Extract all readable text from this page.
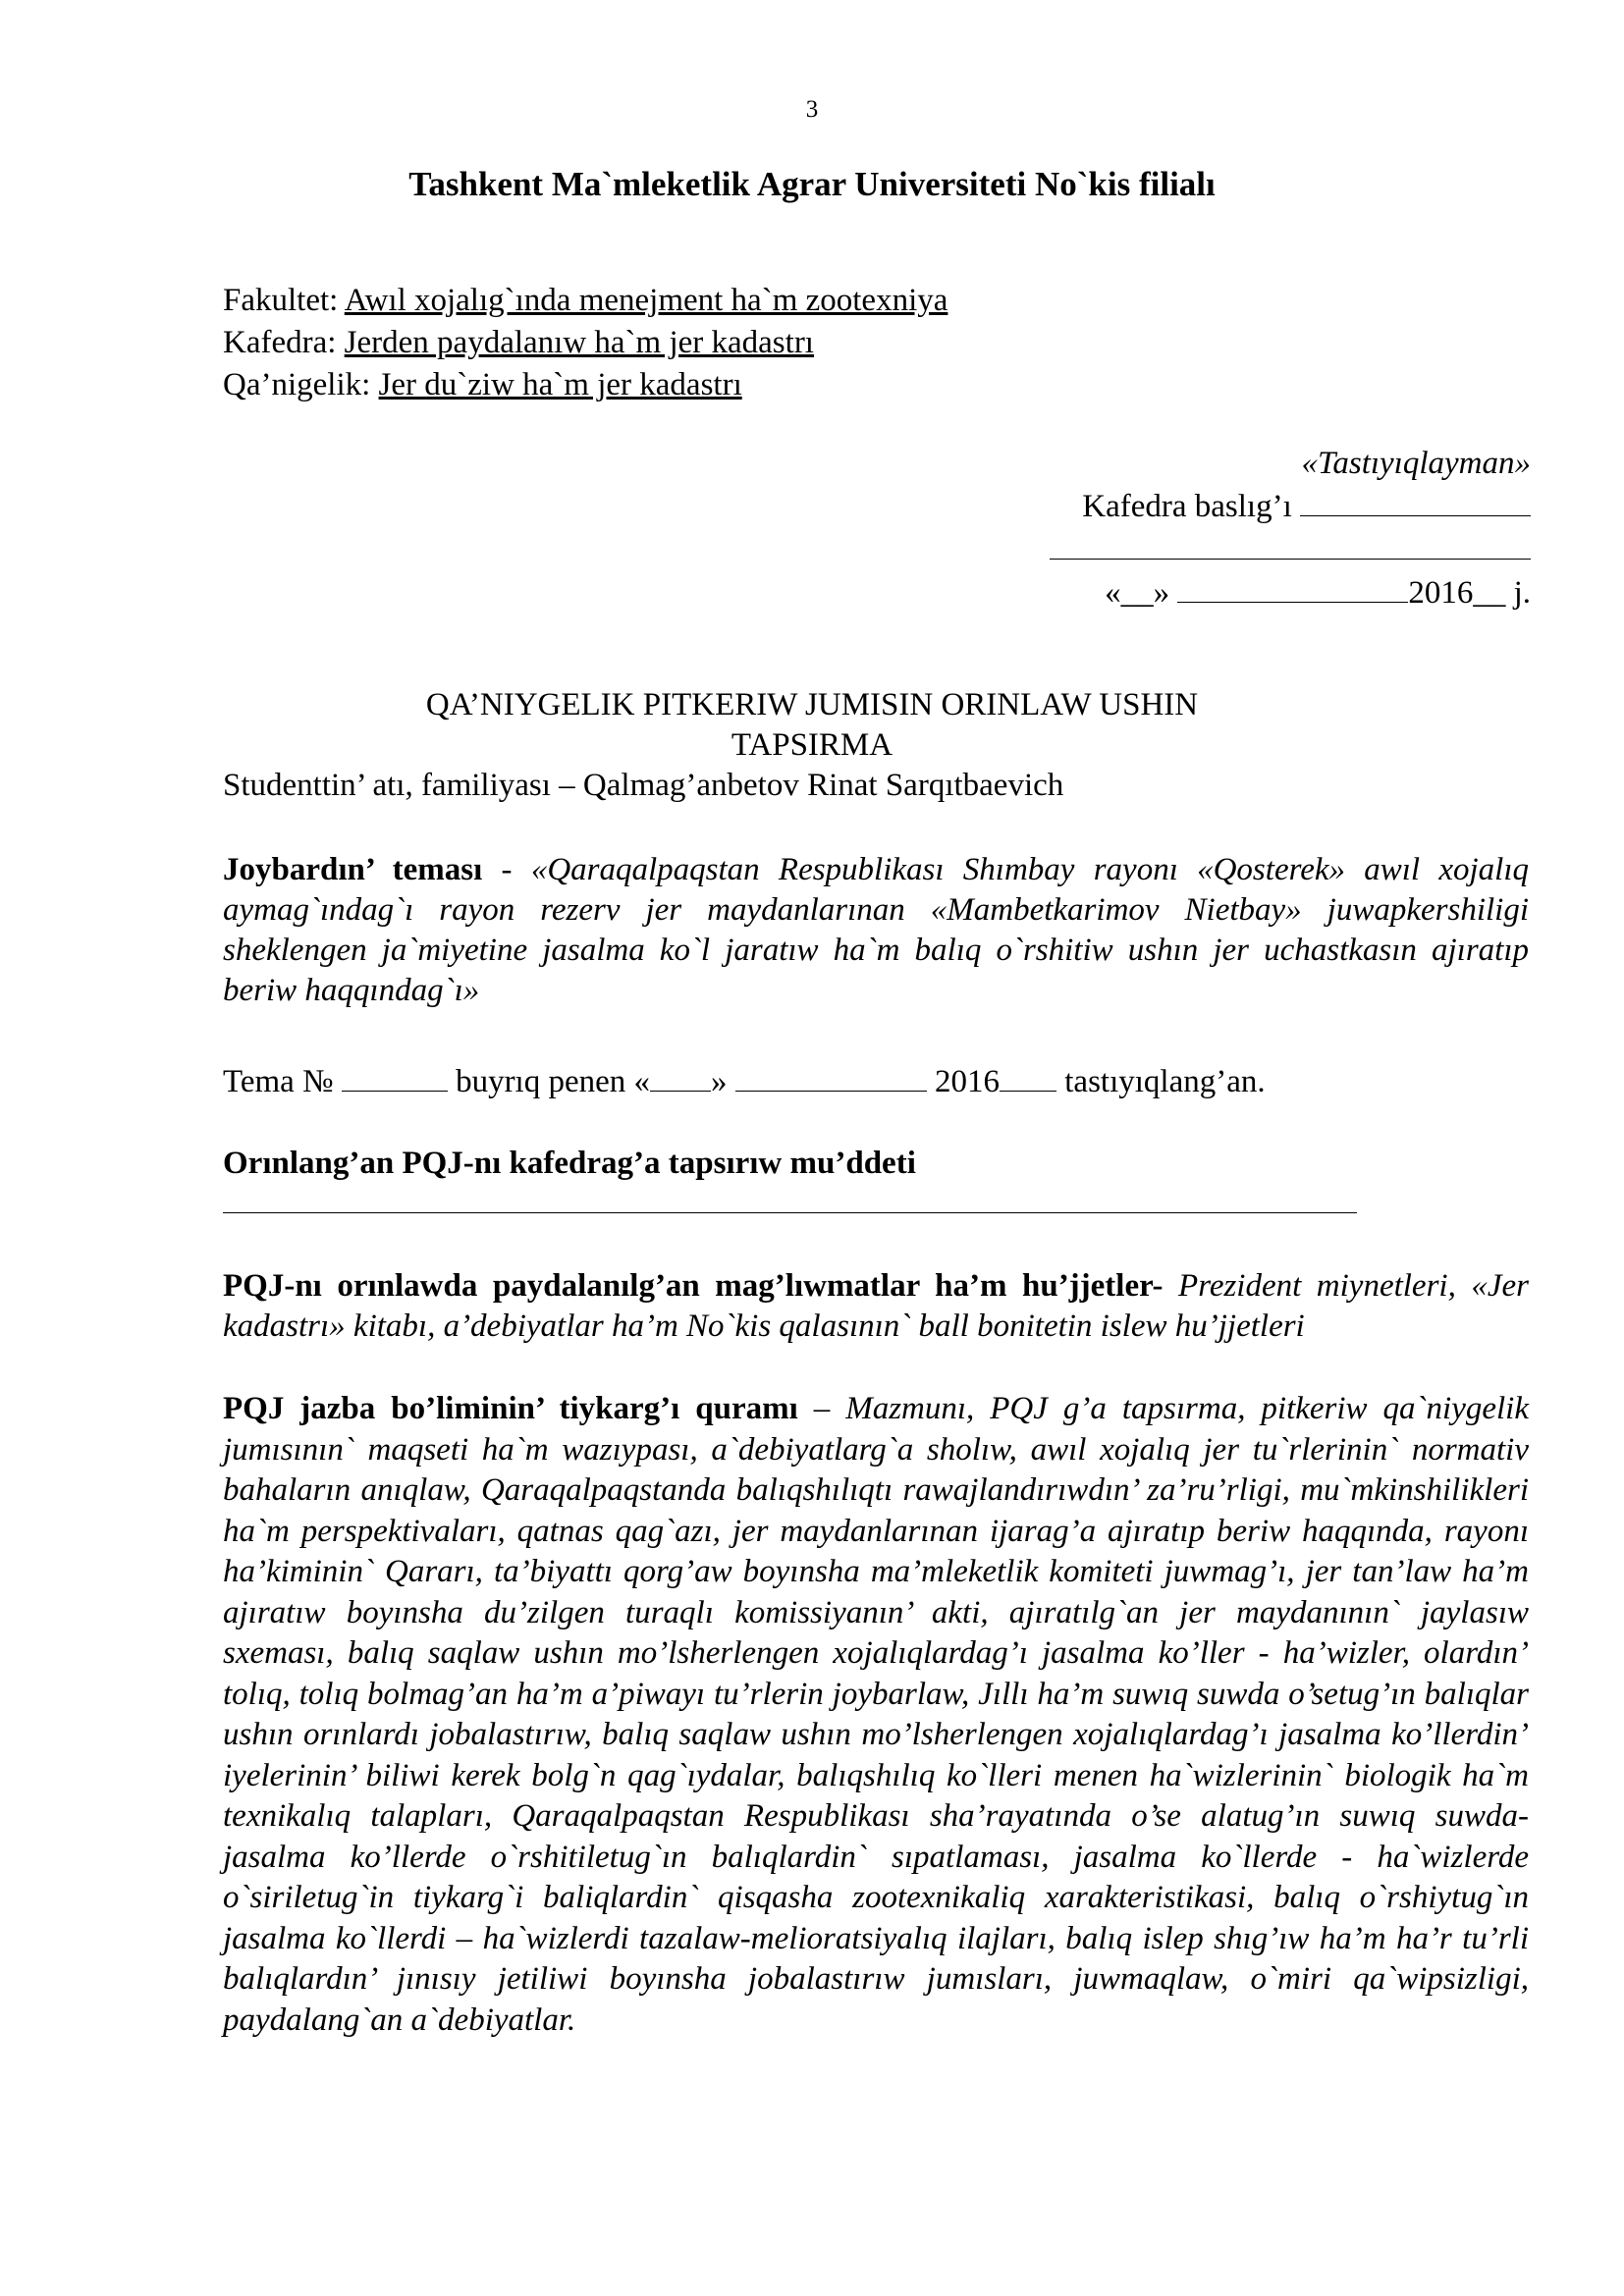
3
Tashkent Ma`mleketlik Agrar Universiteti No`kis filialı
Fakultet: Awıl xojalıg`ında menejment ha`m zootexniya
Kafedra: Jerden paydalanıw ha`m jer kadastrı
Qa’nigelik: Jer du`ziw ha`m jer kadastrı
«Tastıyıqlayman»
Kafedra baslıg’ı
«__»	2016__ j.
QA’NIYGELIK PITKERIW JUMISIN ORINLAW USHIN
TAPSIRMA
Studenttin’ atı, familiyası – Qalmag’anbetov Rinat Sarqıtbaevich
Joybardın’ teması - «Qaraqalpaqstan Respublikası Shımbay rayonı «Qosterek» awıl xojalıq aymag`ındag`ı rayon rezerv jer maydanlarınan «Mambetkarimov Nietbay» juwapkershiligi sheklengen ja`miyetine jasalma ko`l jaratıw ha`m balıq o`rshitiw ushın jer uchastkasın ajıratıp beriw haqqındag`ı»
Tema №	buyrıq penen « »	2016 tastıyıqlang’an.
Orınlang’an PQJ-nı kafedrag’a tapsırıw mu’ddeti
PQJ-nı orınlawda paydalanılg’an mag’lıwmatlar ha’m hu’jjetler- Prezident miynetleri, «Jer kadastrı» kitabı, a’debiyatlar ha’m No`kis qalasının` ball bonitetin islew hu’jjetleri
PQJ jazba bo’liminin’ tiykarg’ı quramı – Mazmunı, PQJ g’a tapsırma, pitkeriw qa`niygelik jumısının` maqseti ha`m wazıypası, a`debiyatlarg`a sholıw, awıl xojalıq jer tu`rlerinin` normativ bahaların anıqlaw, Qaraqalpaqstanda balıqshılıqtı rawajlandırıwdın’ za’ru’rligi, mu`mkinshilikleri ha`m perspektivaları, qatnas qag`azı, jer maydanlarınan ijarag’a ajıratıp beriw haqqında, rayonı ha’kiminin` Qararı, ta’biyattı qorg’aw boyınsha ma’mleketlik komiteti juwmag’ı, jer tan’law ha’m ajıratıw boyınsha du’zilgen turaqlı komissiyanın’ akti, ajıratılg`an jer maydanının` jaylasıw sxeması, balıq saqlaw ushın mo’lsherlengen xojalıqlardag’ı jasalma ko’ller - ha’wizler, olardın’ tolıq, tolıq bolmag’an ha’m a’piwayı tu’rlerin joybarlaw, Jıllı ha’m suwıq suwda o’setug’ın balıqlar ushın orınlardı jobalastırıw, balıq saqlaw ushın mo’lsherlengen xojalıqlardag’ı jasalma ko’llerdin’ iyelerinin’ biliwi kerek bolg`n qag`ıydalar, balıqshılıq ko`lleri menen ha`wizlerinin` biologik ha`m texnikalıq talapları, Qaraqalpaqstan Respublikası sha’rayatında o’se alatug’ın suwıq suwda- jasalma ko’llerde o`rshitiletug`ın balıqlardin` sıpatlaması, jasalma ko`llerde - ha`wizlerde o`siriletug`in tiykarg`i baliqlardin` qisqasha zootexnikaliq xarakteristikasi, balıq o`rshiytug`ın jasalma ko`llerdi – ha`wizlerdi tazalaw-melioratsiyalıq ilajları, balıq islep shıg’ıw ha’m ha’r tu’rli balıqlardın’ jınısıy jetiliwi boyınsha jobalastırıw jumısları, juwmaqlaw, o`miri qa`wipsizligi, paydalang`an a`debiyatlar.
